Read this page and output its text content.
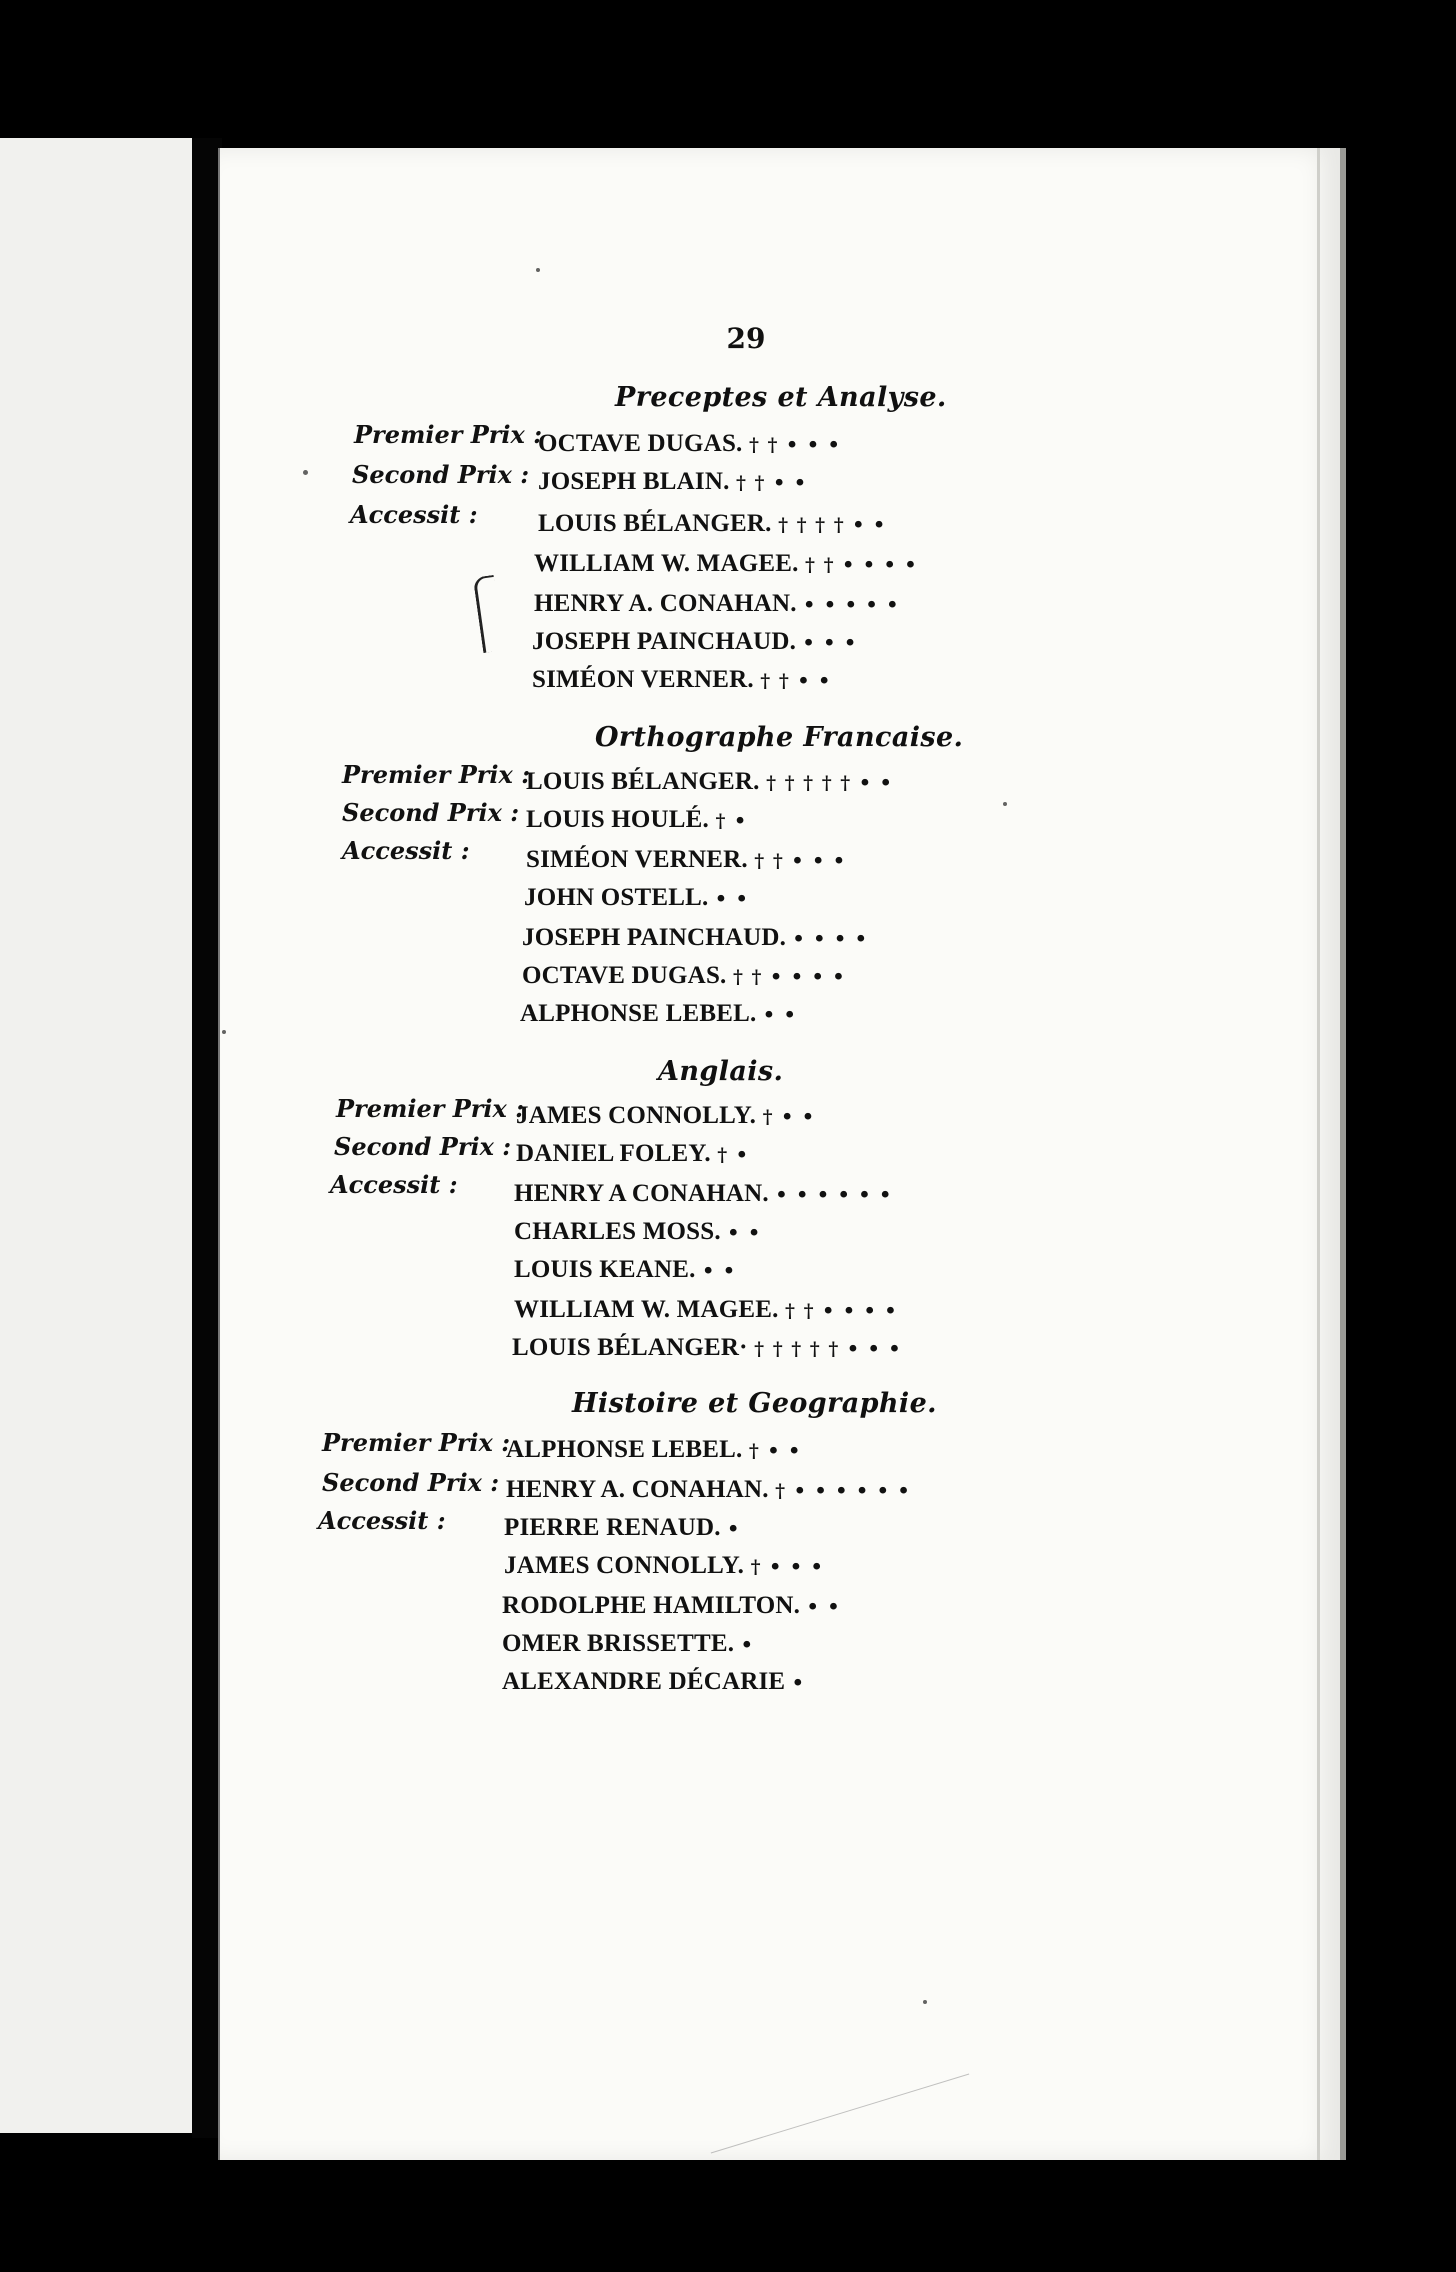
29
Preceptes et Analyse.
Premier Prix :
OCTAVE DUGAS. † † • • •
Second Prix : JOSEPH BLAIN. † † • •
Accessit : LOUIS BÉLANGER. † † † † • •
WILLIAM W. MAGEE. † † • • • •
HENRY A. CONAHAN. • • • • •
JOSEPH PAINCHAUD. • • •
SIMÉON VERNER. † † • •
Orthographe Francaise.
Premier Prix :
LOUIS BÉLANGER. † † † † † • •
Second Prix : LOUIS HOULÉ. † •
Accessit : SIMÉON VERNER. † † • • •
JOHN OSTELL. • •
JOSEPH PAINCHAUD. • • • •
OCTAVE DUGAS. † † • • • •
ALPHONSE LEBEL. • •
Anglais.
Premier Prix :
JAMES CONNOLLY. † • •
Second Prix : DANIEL FOLEY. † •
Accessit : HENRY A CONAHAN. • • • • • •
CHARLES MOSS. • •
LOUIS KEANE. • •
WILLIAM W. MAGEE. † † • • • •
LOUIS BÉLANGER· † † † † † • • •
Histoire et Geographie.
Premier Prix :
ALPHONSE LEBEL. † • •
Second Prix : HENRY A. CONAHAN. † • • • • • •
Accessit : PIERRE RENAUD. •
JAMES CONNOLLY. † • • •
RODOLPHE HAMILTON. • •
OMER BRISSETTE. •
ALEXANDRE DÉCARIE •
